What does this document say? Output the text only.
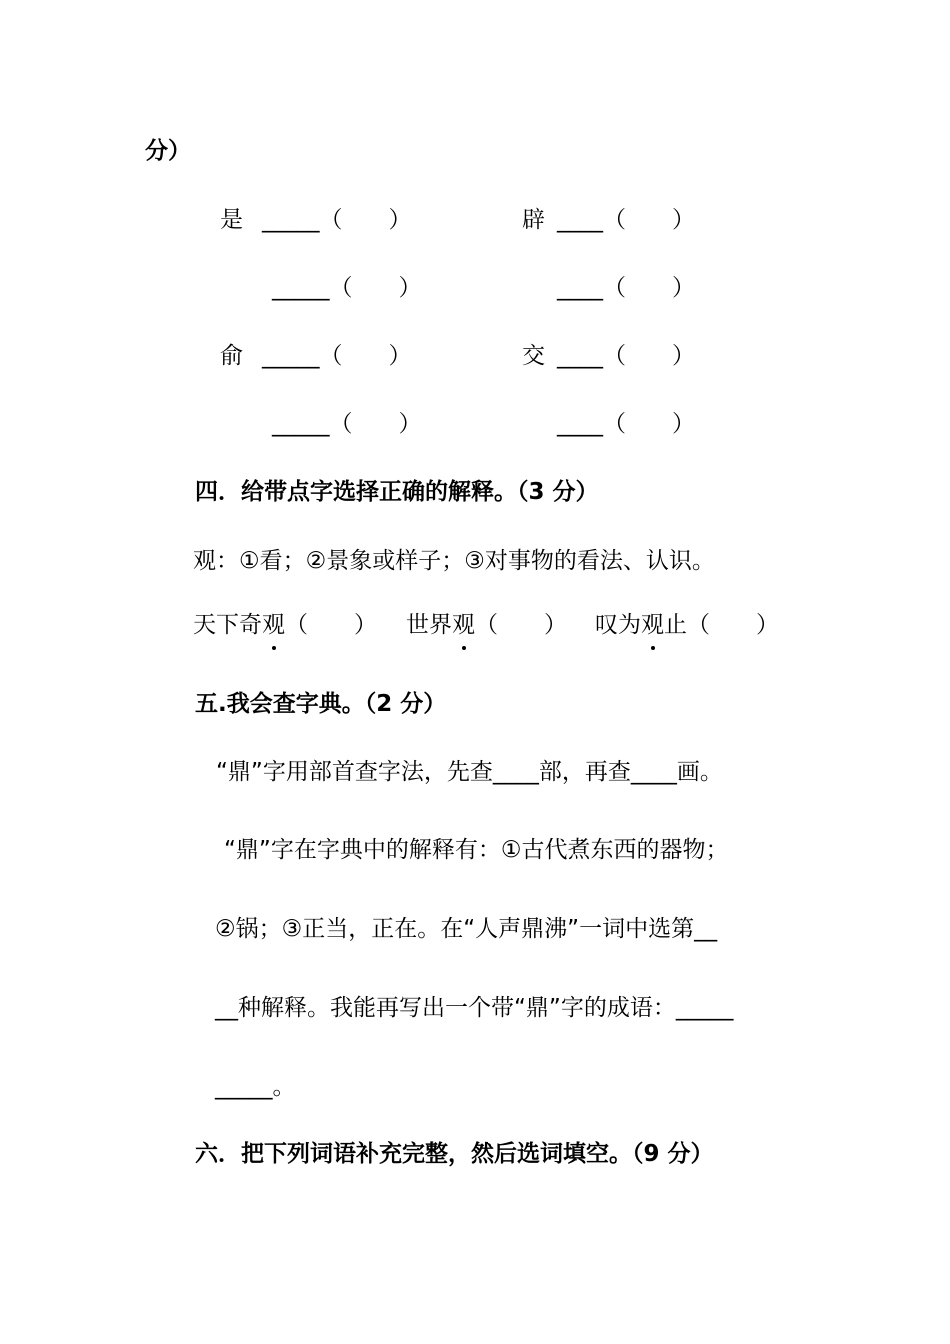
分）
是 _____（　　）	辟 ____（　　）
_____（　　）	____（　　）
俞 _____（　　）	交 ____（　　）
_____（　　）	____（　　）
四．给带点字选择正确的解释。（3 分）
观：①看；②景象或样子；③对事物的看法、认识。
天下奇观
（　　） 世界观
（　　） 叹为观
止（　　）
五.我会查字典。（2 分）
“鼎”字用部首查字法，先查____部，再查____画。
“鼎”字在字典中的解释有：①古代煮东西的器物；
②锅；③正当，正在。在“人声鼎沸”一词中选第__
__种解释。我能再写出一个带“鼎”字的成语：_____
_____。
六．把下列词语补充完整，然后选词填空。（9 分）
